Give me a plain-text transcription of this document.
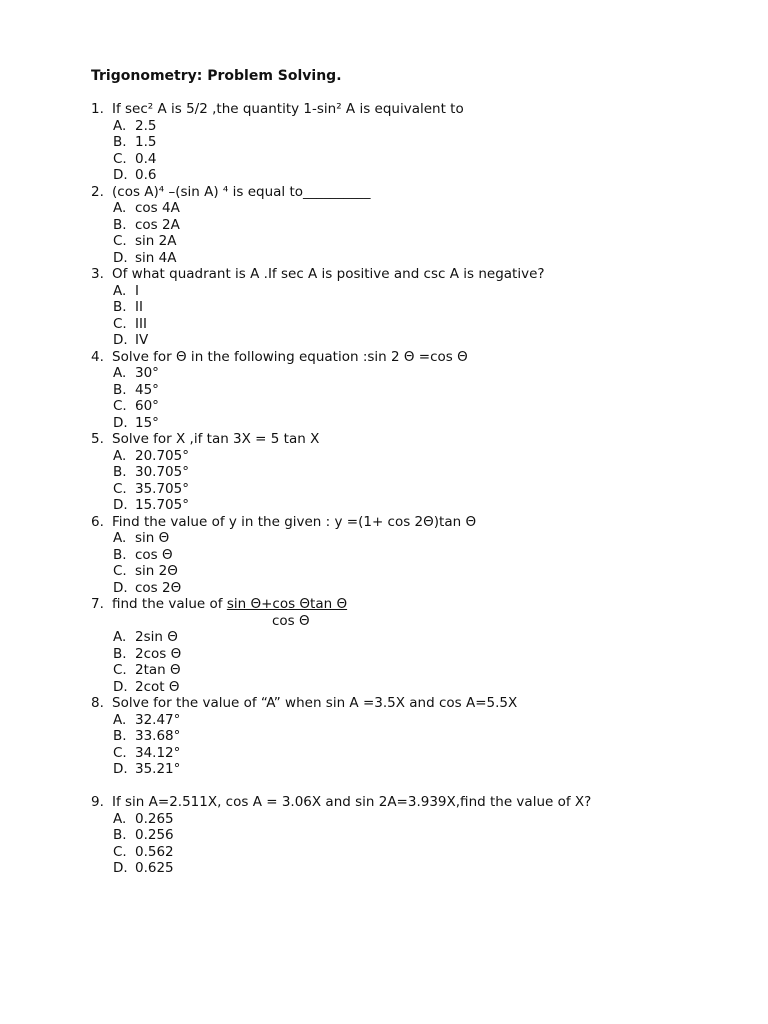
Trigonometry: Problem Solving.
1. If sec² A is 5/2 ,the quantity 1-sin² A is equivalent to
A. 2.5
B. 1.5
C. 0.4
D. 0.6
2. (cos A)⁴ –(sin A) ⁴ is equal to__________
A. cos 4A
B. cos 2A
C. sin 2A
D. sin 4A
3. Of what quadrant is A .If sec A is positive and csc A is negative?
A. I
B. II
C. III
D. IV
4. Solve for Θ in the following equation :sin 2 Θ =cos Θ
A. 30°
B. 45°
C. 60°
D. 15°
5. Solve for X ,if tan 3X = 5 tan X
A. 20.705°
B. 30.705°
C. 35.705°
D. 15.705°
6. Find the value of y in the given : y =(1+ cos 2Θ)tan Θ
A. sin Θ
B. cos Θ
C. sin 2Θ
D. cos 2Θ
7. find the value of sin Θ+cos Θtan Θ
cos Θ
A. 2sin Θ
B. 2cos Θ
C. 2tan Θ
D. 2cot Θ
8. Solve for the value of “A” when sin A =3.5X and cos A=5.5X
A. 32.47°
B. 33.68°
C. 34.12°
D. 35.21°
9. If sin A=2.511X, cos A = 3.06X and sin 2A=3.939X,find the value of X?
A. 0.265
B. 0.256
C. 0.562
D. 0.625
